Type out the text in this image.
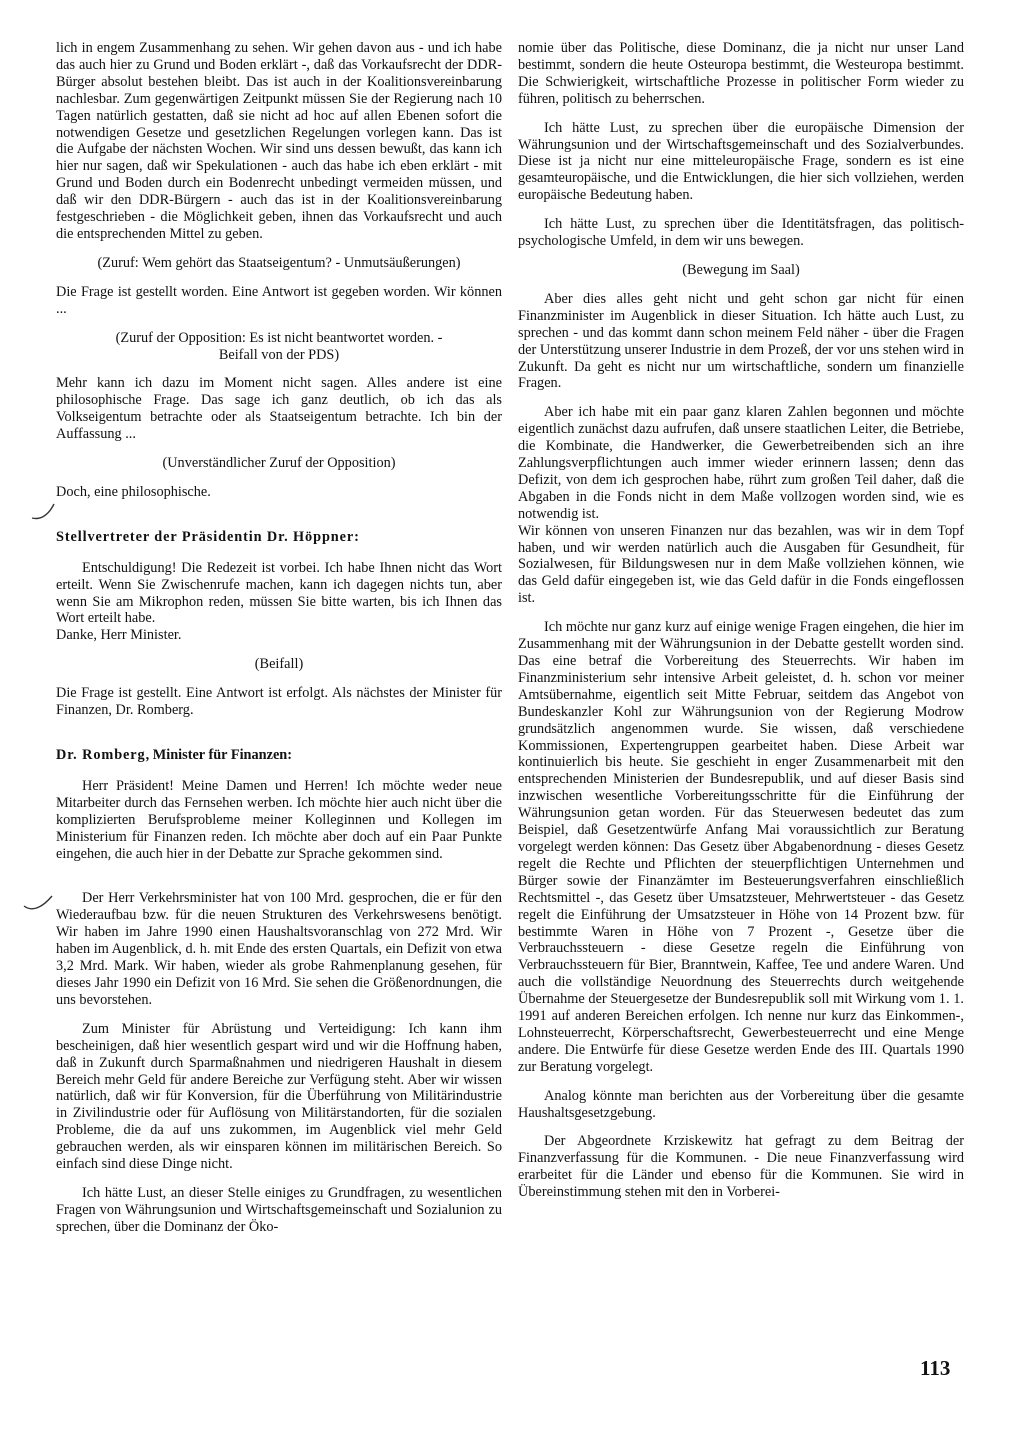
lich in engem Zusammenhang zu sehen. Wir gehen davon aus - und ich habe das auch hier zu Grund und Boden erklärt -, daß das Vorkaufsrecht der DDR-Bürger absolut bestehen bleibt. Das ist auch in der Koalitionsvereinbarung nachlesbar. Zum gegenwärtigen Zeitpunkt müssen Sie der Regierung nach 10 Tagen natürlich gestatten, daß sie nicht ad hoc auf allen Ebenen sofort die notwendigen Gesetze und gesetzlichen Regelungen vorlegen kann. Das ist die Aufgabe der nächsten Wochen. Wir sind uns dessen bewußt, das kann ich hier nur sagen, daß wir Spekulationen - auch das habe ich eben erklärt - mit Grund und Boden durch ein Bodenrecht unbedingt vermeiden müssen, und daß wir den DDR-Bürgern - auch das ist in der Koalitionsvereinbarung festgeschrieben - die Möglichkeit geben, ihnen das Vorkaufsrecht und auch die entsprechenden Mittel zu geben.

(Zuruf: Wem gehört das Staatseigentum? - Unmutsäußerungen)

Die Frage ist gestellt worden. Eine Antwort ist gegeben worden. Wir können ...

(Zuruf der Opposition: Es ist nicht beantwortet worden. -
Beifall von der PDS)

Mehr kann ich dazu im Moment nicht sagen. Alles andere ist eine philosophische Frage. Das sage ich ganz deutlich, ob ich das als Volkseigentum betrachte oder als Staatseigentum betrachte. Ich bin der Auffassung ...

(Unverständlicher Zuruf der Opposition)

Doch, eine philosophische.

Stellvertreter der Präsidentin Dr. Höppner:

Entschuldigung! Die Redezeit ist vorbei. Ich habe Ihnen nicht das Wort erteilt. Wenn Sie Zwischenrufe machen, kann ich dagegen nichts tun, aber wenn Sie am Mikrophon reden, müssen Sie bitte warten, bis ich Ihnen das Wort erteilt habe.

Danke, Herr Minister.

(Beifall)

Die Frage ist gestellt. Eine Antwort ist erfolgt. Als nächstes der Minister für Finanzen, Dr. Romberg.

Dr. Romberg, Minister für Finanzen:

Herr Präsident! Meine Damen und Herren! Ich möchte weder neue Mitarbeiter durch das Fernsehen werben. Ich möchte hier auch nicht über die komplizierten Berufsprobleme meiner Kolleginnen und Kollegen im Ministerium für Finanzen reden. Ich möchte aber doch auf ein Paar Punkte eingehen, die auch hier in der Debatte zur Sprache gekommen sind.

Der Herr Verkehrsminister hat von 100 Mrd. gesprochen, die er für den Wiederaufbau bzw. für die neuen Strukturen des Verkehrswesens benötigt. Wir haben im Jahre 1990 einen Haushaltsvoranschlag von 272 Mrd. Wir haben im Augenblick, d. h. mit Ende des ersten Quartals, ein Defizit von etwa 3,2 Mrd. Mark. Wir haben, wieder als grobe Rahmenplanung gesehen, für dieses Jahr 1990 ein Defizit von 16 Mrd. Sie sehen die Größenordnungen, die uns bevorstehen.

Zum Minister für Abrüstung und Verteidigung: Ich kann ihm bescheinigen, daß hier wesentlich gespart wird und wir die Hoffnung haben, daß in Zukunft durch Sparmaßnahmen und niedrigeren Haushalt in diesem Bereich mehr Geld für andere Bereiche zur Verfügung steht. Aber wir wissen natürlich, daß wir für Konversion, für die Überführung von Militärindustrie in Zivilindustrie oder für Auflösung von Militärstandorten, für die sozialen Probleme, die da auf uns zukommen, im Augenblick viel mehr Geld gebrauchen werden, als wir einsparen können im militärischen Bereich. So einfach sind diese Dinge nicht.

Ich hätte Lust, an dieser Stelle einiges zu Grundfragen, zu wesentlichen Fragen von Währungsunion und Wirtschaftsgemeinschaft und Sozialunion zu sprechen, über die Dominanz der Öko-

nomie über das Politische, diese Dominanz, die ja nicht nur unser Land bestimmt, sondern die heute Osteuropa bestimmt, die Westeuropa bestimmt. Die Schwierigkeit, wirtschaftliche Prozesse in politischer Form wieder zu führen, politisch zu beherrschen.

Ich hätte Lust, zu sprechen über die europäische Dimension der Währungsunion und der Wirtschaftsgemeinschaft und des Sozialverbundes. Diese ist ja nicht nur eine mitteleuropäische Frage, sondern es ist eine gesamteuropäische, und die Entwicklungen, die hier sich vollziehen, werden europäische Bedeutung haben.

Ich hätte Lust, zu sprechen über die Identitätsfragen, das politisch-psychologische Umfeld, in dem wir uns bewegen.

(Bewegung im Saal)

Aber dies alles geht nicht und geht schon gar nicht für einen Finanzminister im Augenblick in dieser Situation. Ich hätte auch Lust, zu sprechen - und das kommt dann schon meinem Feld näher - über die Fragen der Unterstützung unserer Industrie in dem Prozeß, der vor uns stehen wird in Zukunft. Da geht es nicht nur um wirtschaftliche, sondern um finanzielle Fragen.

Aber ich habe mit ein paar ganz klaren Zahlen begonnen und möchte eigentlich zunächst dazu aufrufen, daß unsere staatlichen Leiter, die Betriebe, die Kombinate, die Handwerker, die Gewerbetreibenden sich an ihre Zahlungsverpflichtungen auch immer wieder erinnern lassen; denn das Defizit, von dem ich gesprochen habe, rührt zum großen Teil daher, daß die Abgaben in die Fonds nicht in dem Maße vollzogen worden sind, wie es notwendig ist.

Wir können von unseren Finanzen nur das bezahlen, was wir in dem Topf haben, und wir werden natürlich auch die Ausgaben für Gesundheit, für Sozialwesen, für Bildungswesen nur in dem Maße vollziehen können, wie das Geld dafür eingegeben ist, wie das Geld dafür in die Fonds eingeflossen ist.

Ich möchte nur ganz kurz auf einige wenige Fragen eingehen, die hier im Zusammenhang mit der Währungsunion in der Debatte gestellt worden sind. Das eine betraf die Vorbereitung des Steuerrechts. Wir haben im Finanzministerium sehr intensive Arbeit geleistet, d. h. schon vor meiner Amtsübernahme, eigentlich seit Mitte Februar, seitdem das Angebot von Bundeskanzler Kohl zur Währungsunion von der Regierung Modrow grundsätzlich angenommen wurde. Sie wissen, daß verschiedene Kommissionen, Expertengruppen gearbeitet haben. Diese Arbeit war kontinuierlich bis heute. Sie geschieht in enger Zusammenarbeit mit den entsprechenden Ministerien der Bundesrepublik, und auf dieser Basis sind inzwischen wesentliche Vorbereitungsschritte für die Einführung der Währungsunion getan worden. Für das Steuerwesen bedeutet das zum Beispiel, daß Gesetzentwürfe Anfang Mai voraussichtlich zur Beratung vorgelegt werden können: Das Gesetz über Abgabenordnung - dieses Gesetz regelt die Rechte und Pflichten der steuerpflichtigen Unternehmen und Bürger sowie der Finanzämter im Besteuerungsverfahren einschließlich Rechtsmittel -, das Gesetz über Umsatzsteuer, Mehrwertsteuer - das Gesetz regelt die Einführung der Umsatzsteuer in Höhe von 14 Prozent bzw. für bestimmte Waren in Höhe von 7 Prozent -, Gesetze über die Verbrauchssteuern - diese Gesetze regeln die Einführung von Verbrauchssteuern für Bier, Branntwein, Kaffee, Tee und andere Waren. Und auch die vollständige Neuordnung des Steuerrechts durch weitgehende Übernahme der Steuergesetze der Bundesrepublik soll mit Wirkung vom 1. 1. 1991 auf anderen Bereichen erfolgen. Ich nenne nur kurz das Einkommen-, Lohnsteuerrecht, Körperschaftsrecht, Gewerbesteuerrecht und eine Menge andere. Die Entwürfe für diese Gesetze werden Ende des III. Quartals 1990 zur Beratung vorgelegt.

Analog könnte man berichten aus der Vorbereitung über die gesamte Haushaltsgesetzgebung.

Der Abgeordnete Krziskewitz hat gefragt zu dem Beitrag der Finanzverfassung für die Kommunen. - Die neue Finanzverfassung wird erarbeitet für die Länder und ebenso für die Kommunen. Sie wird in Übereinstimmung stehen mit den in Vorberei-

113
